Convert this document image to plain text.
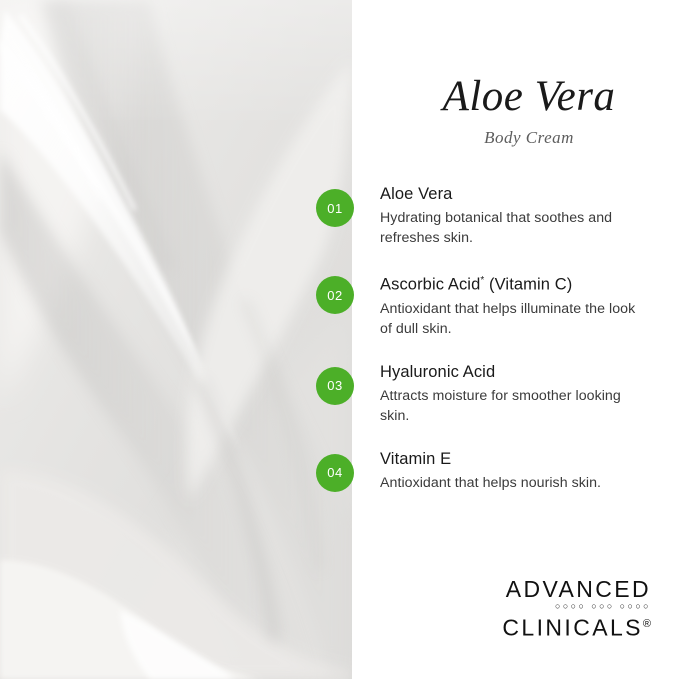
Aloe Vera

Body Cream

01

Aloe Vera

Hydrating botanical that soothes and refreshes skin.

02

Ascorbic Acid* (Vitamin C)

Antioxidant that helps illuminate the look of dull skin.

03

Hyaluronic Acid

Attracts moisture for smoother looking skin.

04

Vitamin E

Antioxidant that helps nourish skin.

ADVANCED
○○○○ ○○○ ○○○○
CLINICALS®
